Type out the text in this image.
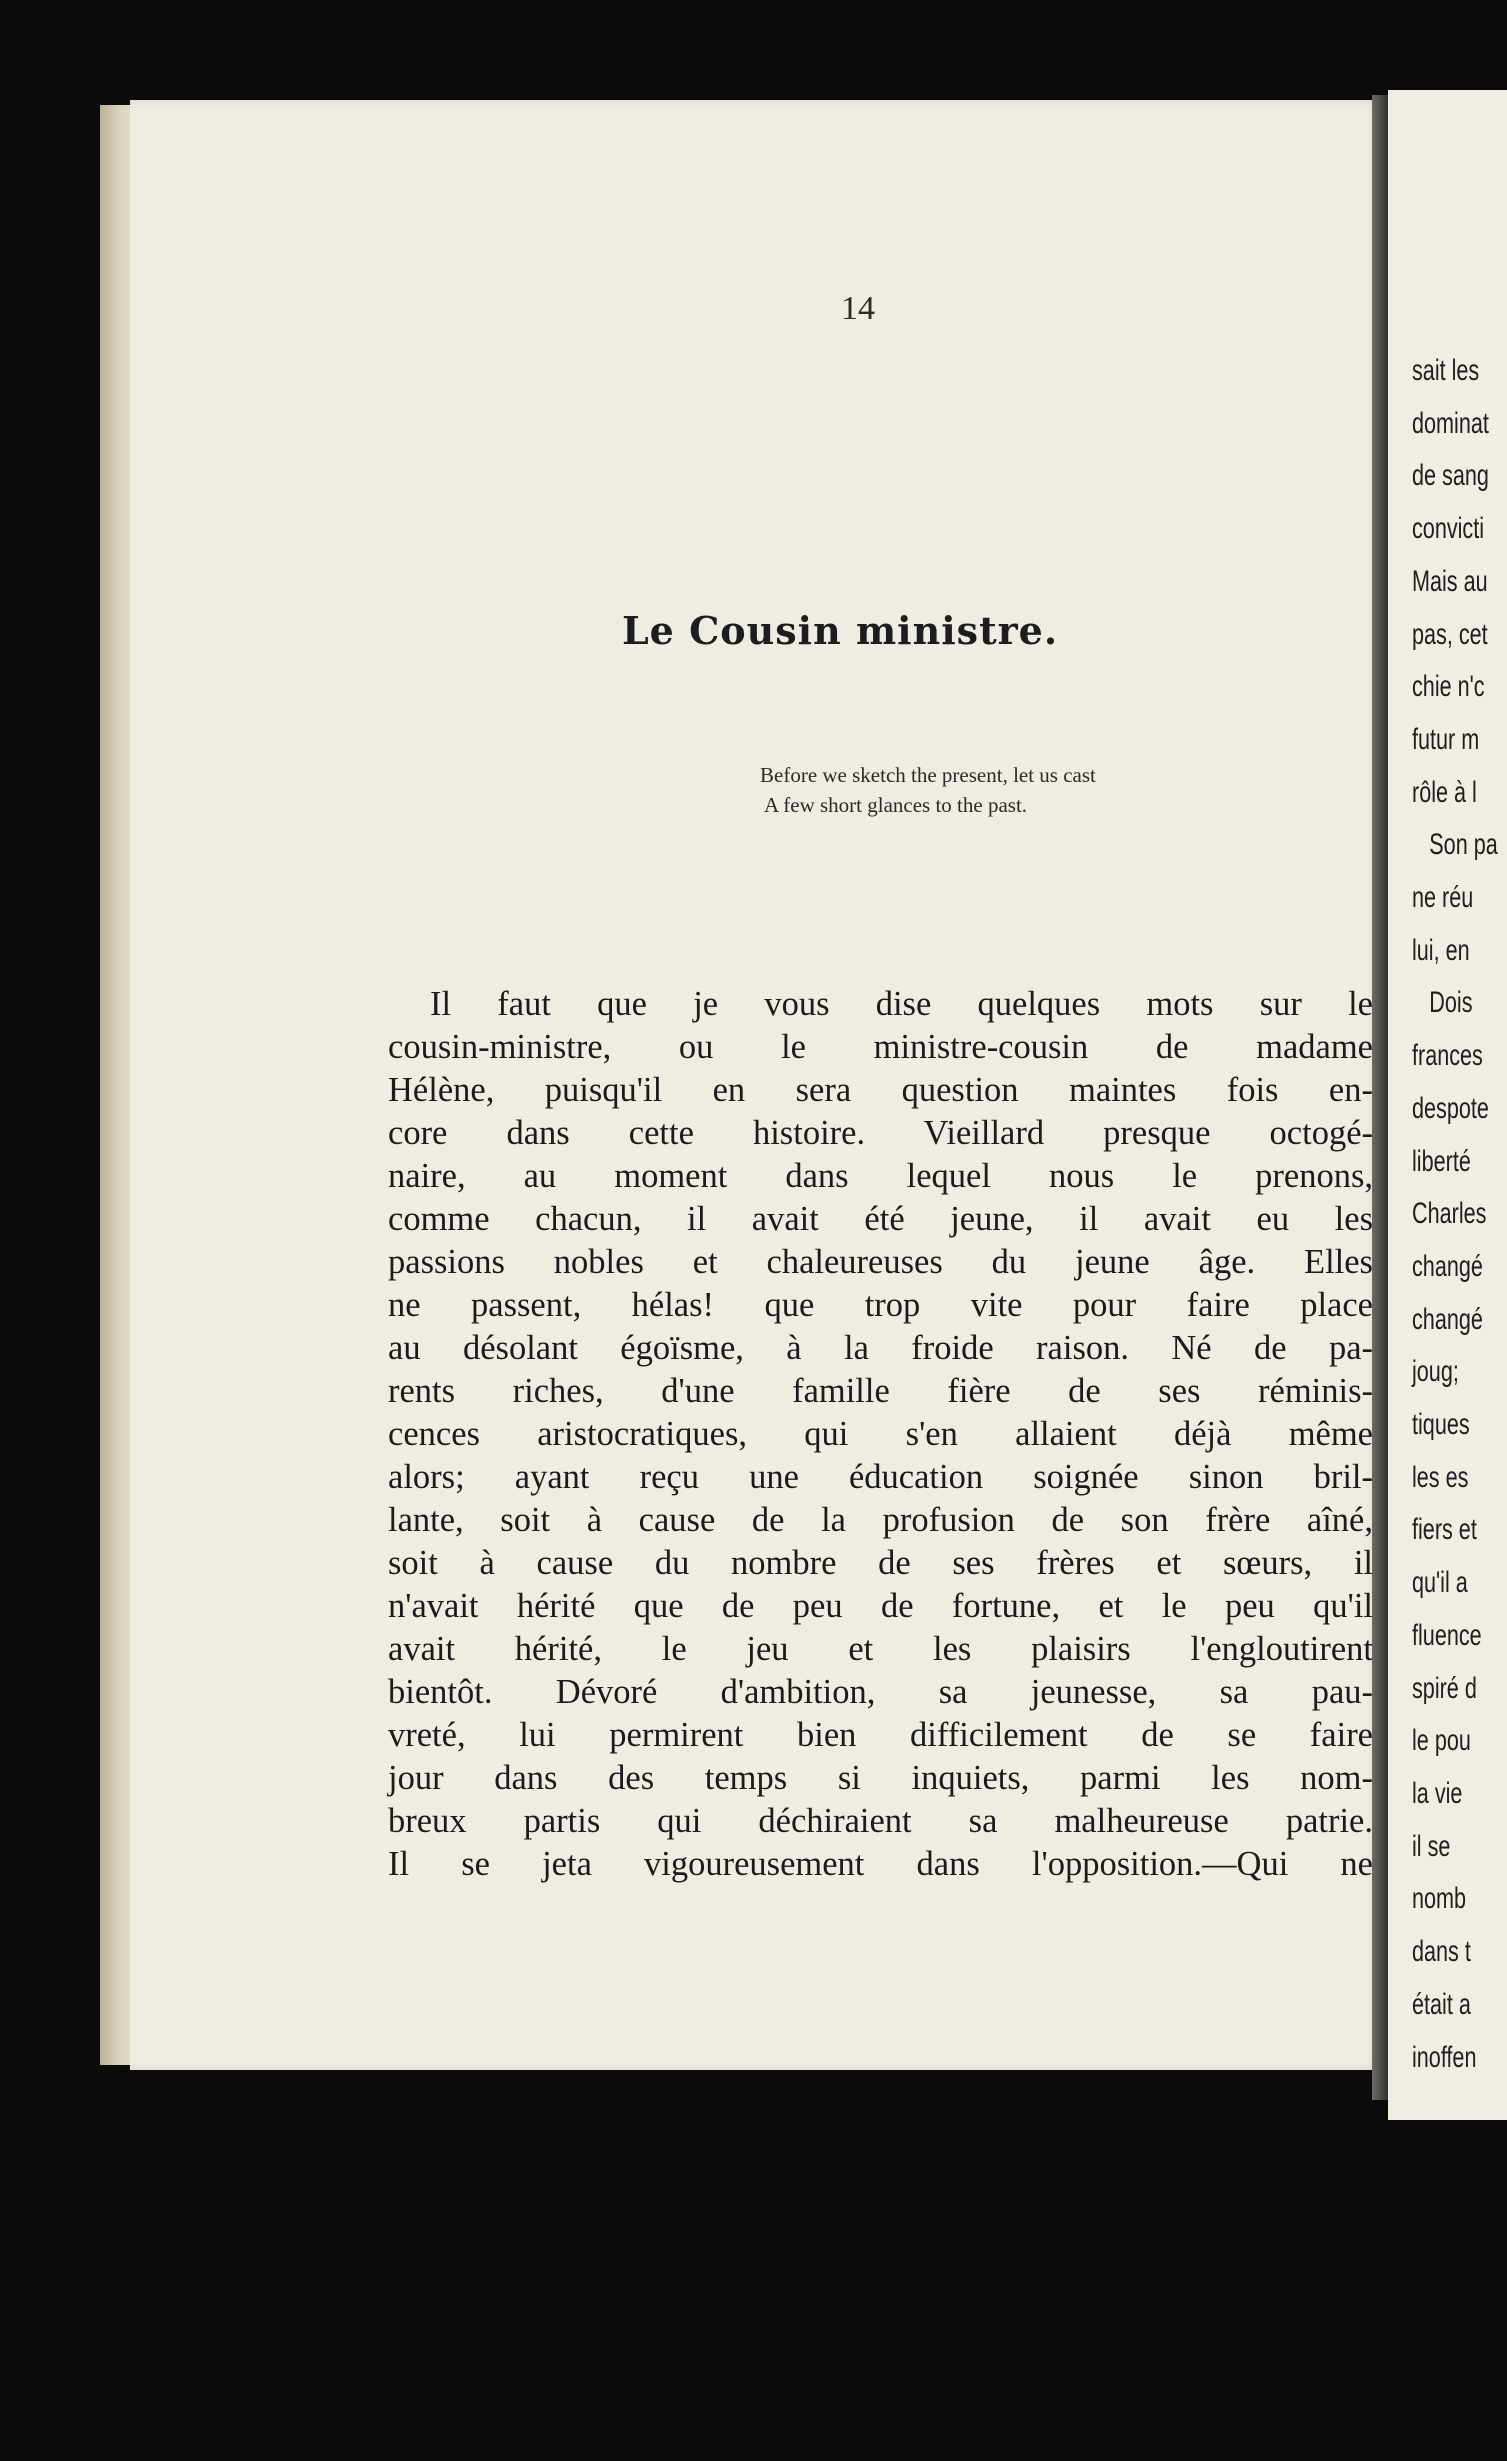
14
Le Cousin ministre.
Before we sketch the present, let us cast
A few short glances to the past.
Il faut que je vous dise quelques mots sur le
cousin-ministre, ou le ministre-cousin de madame
Hélène, puisqu'il en sera question maintes fois en-
core dans cette histoire. Vieillard presque octogé-
naire, au moment dans lequel nous le prenons,
comme chacun, il avait été jeune, il avait eu les
passions nobles et chaleureuses du jeune âge. Elles
ne passent, hélas! que trop vite pour faire place
au désolant égoïsme, à la froide raison. Né de pa-
rents riches, d'une famille fière de ses réminis-
cences aristocratiques, qui s'en allaient déjà même
alors; ayant reçu une éducation soignée sinon bril-
lante, soit à cause de la profusion de son frère aîné,
soit à cause du nombre de ses frères et sœurs, il
n'avait hérité que de peu de fortune, et le peu qu'il
avait hérité, le jeu et les plaisirs l'engloutirent
bientôt. Dévoré d'ambition, sa jeunesse, sa pau-
vreté, lui permirent bien difficilement de se faire
jour dans des temps si inquiets, parmi les nom-
breux partis qui déchiraient sa malheureuse patrie.
Il se jeta vigoureusement dans l'opposition.—Qui ne
sait les
dominat
de sang
convicti
Mais au
pas, cet
chie n'c
futur m
rôle à l
Son pa
ne réu
lui, en
Dois
frances
despote
liberté
Charles
changé
changé
joug;
tiques
les es
fiers et
qu'il a
fluence
spiré d
le pou
la vie
il se
nomb
dans t
était a
inoffen
